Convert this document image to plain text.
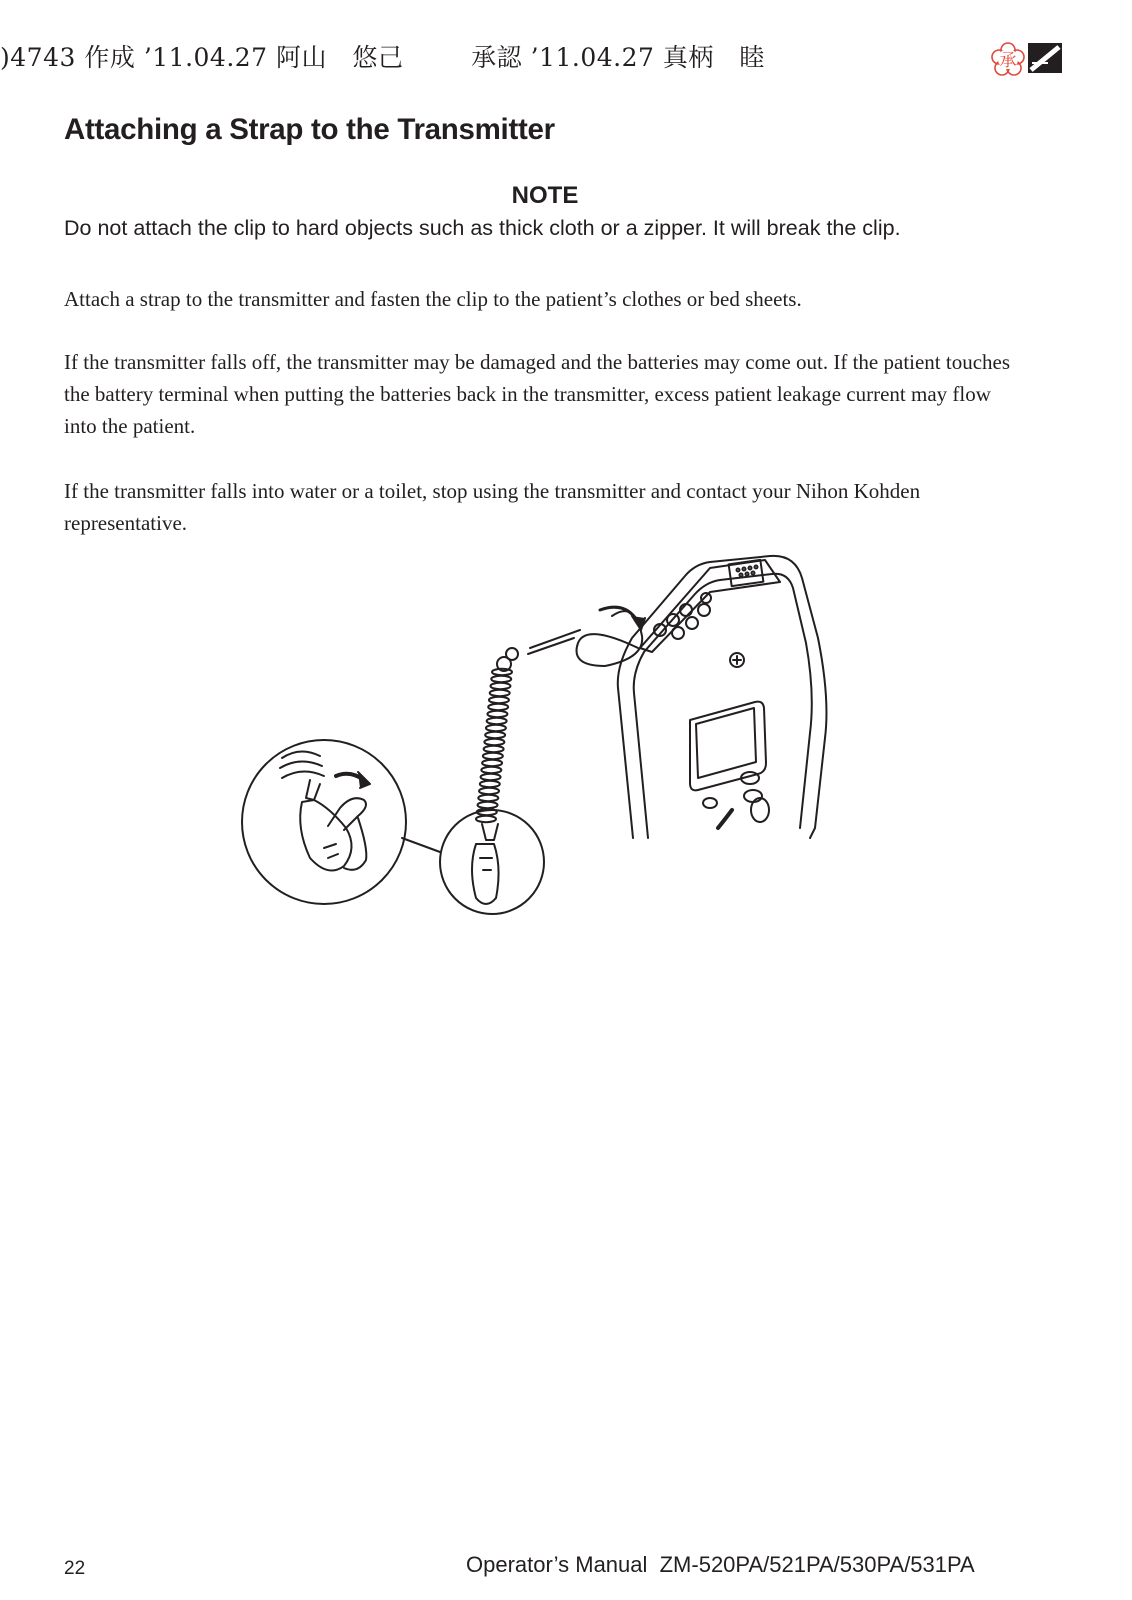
)4743 作成 ’11.04.27 阿山　悠己	承認 ’11.04.27 真柄　睦	承
Attaching a Strap to the Transmitter
NOTE
Do not attach the clip to hard objects such as thick cloth or a zipper. It will break the clip.

Attach a strap to the transmitter and fasten the clip to the patient’s clothes or bed sheets.

If the transmitter falls off, the transmitter may be damaged and the batteries may come out. If the patient touches the battery terminal when putting the batteries back in the transmitter, excess patient leakage current may flow into the patient.

If the transmitter falls into water or a toilet, stop using the transmitter and contact your Nihon Kohden representative.

22	Operator’s Manual  ZM-520PA/521PA/530PA/531PA
